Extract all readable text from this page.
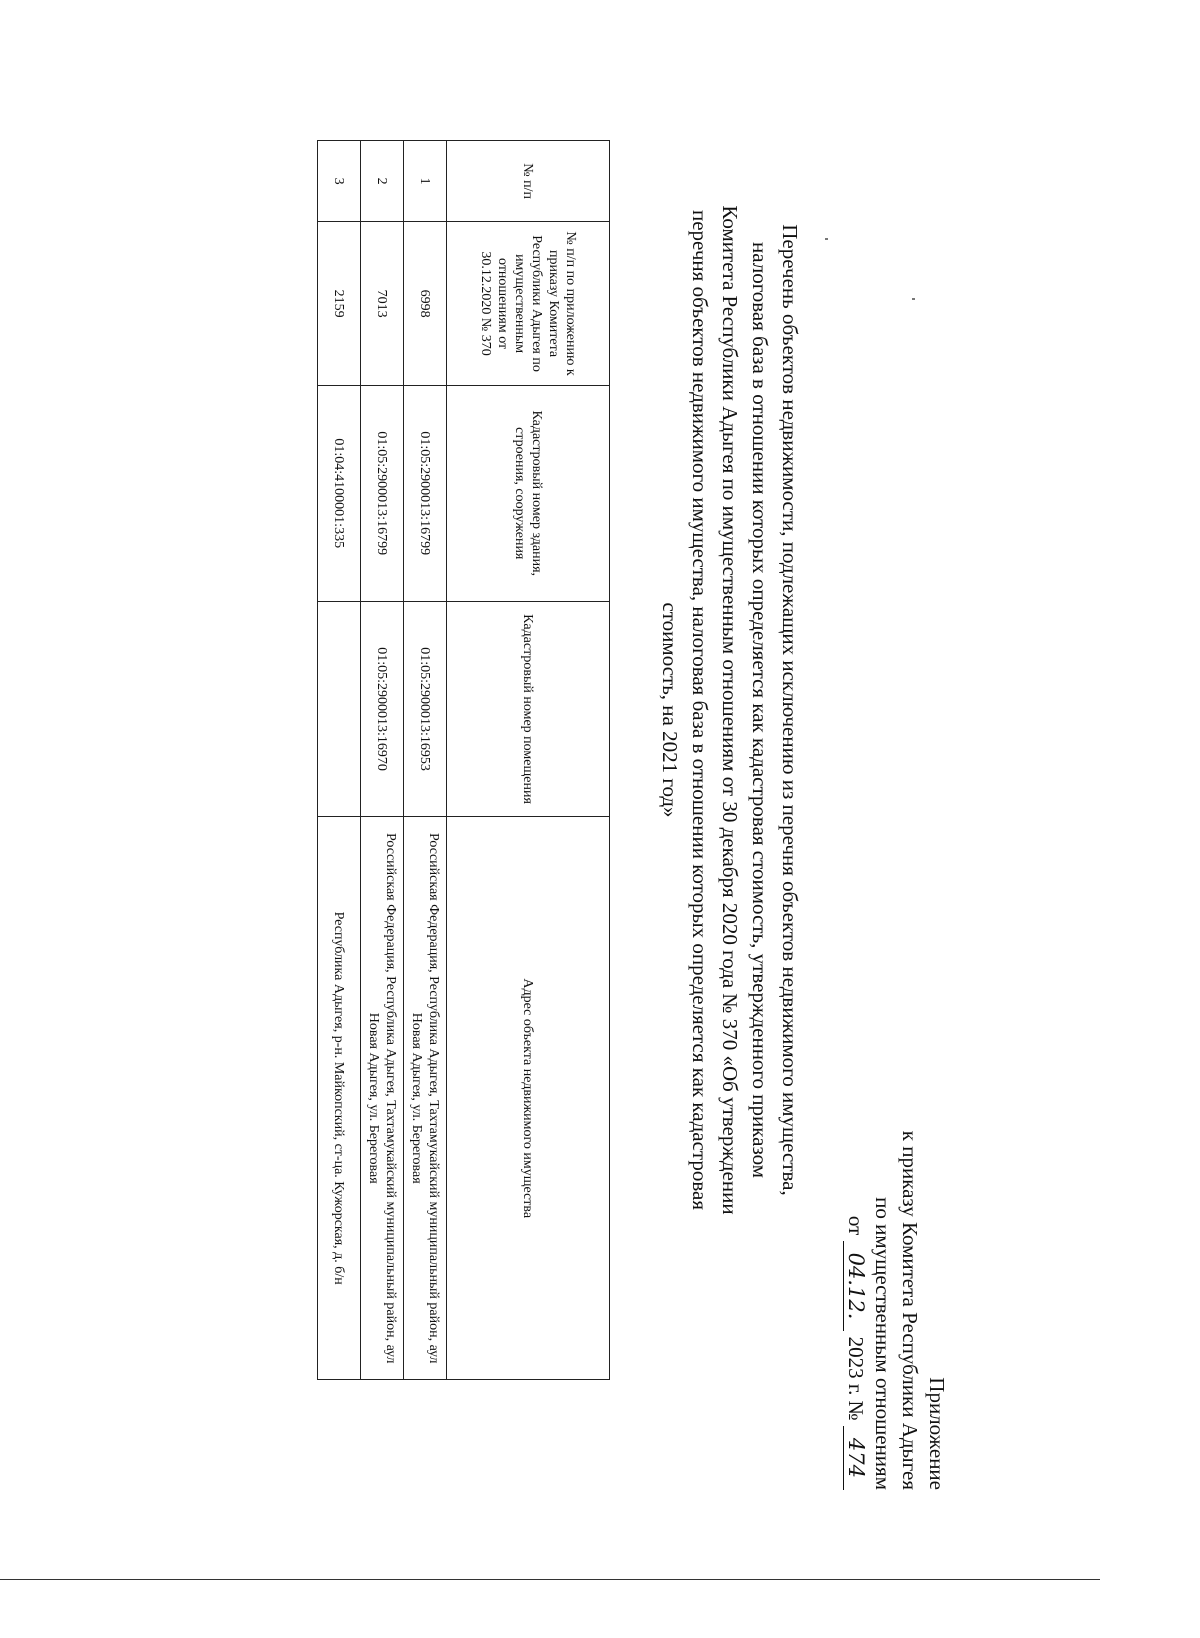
Приложение
к приказу Комитета Республики Адыгея
по имущественным отношениям
от 04.12. 2023 г. № 474
Перечень объектов недвижимости, подлежащих исключению из перечня объектов недвижимого имущества,
налоговая база в отношении которых определяется как кадастровая стоимость, утвержденного приказом
Комитета Республики Адыгея по имущественным отношениям от 30 декабря 2020 года № 370 «Об утверждении
перечня объектов недвижимого имущества, налоговая база в отношении которых определяется как кадастровая
стоимость, на 2021 год»
№ п/п	№ п/п по приложению к приказу Комитета Республики Адыгея по имущественным отношениям от 30.12.2020 № 370	Кадастровый номер здания, строения, сооружения	Кадастровый номер помещения	Адрес объекта недвижимого имущества
1	6998	01:05:2900013:16799	01:05:2900013:16953	Российская Федерация, Республика Адыгея, Тахтамукайский муниципальный район, аул Новая Адыгея, ул. Береговая
2	7013	01:05:2900013:16799	01:05:2900013:16970	Российская Федерация, Республика Адыгея, Тахтамукайский муниципальный район, аул Новая Адыгея, ул. Береговая
3	2159	01:04:4100001:335		Республика Адыгея, р-н. Майкопский, ст-ца. Кужорская, д. б/н
